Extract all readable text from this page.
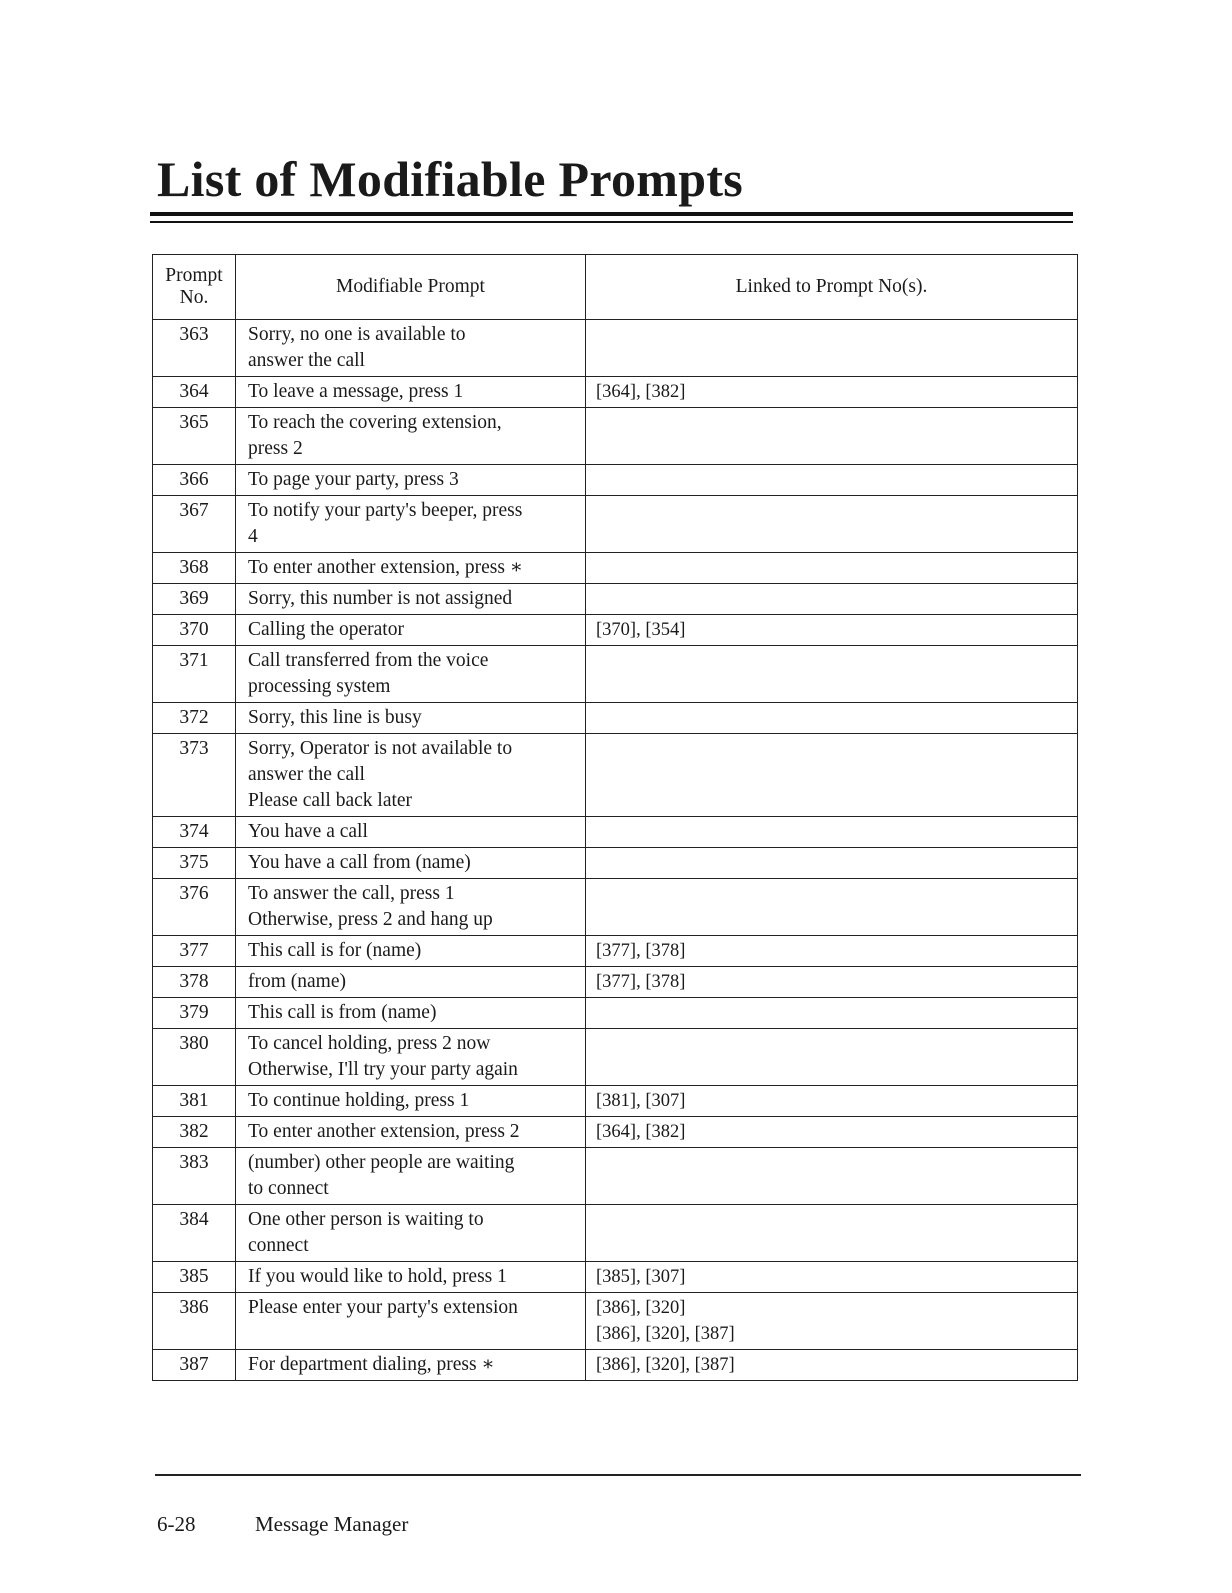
List of Modifiable Prompts
Prompt
No.	Modifiable Prompt	Linked to Prompt No(s).
363	Sorry, no one is available to
answer the call	
364	To leave a message, press 1	[364], [382]
365	To reach the covering extension,
press 2	
366	To page your party, press 3	
367	To notify your party's beeper, press
4	
368	To enter another extension, press ∗	
369	Sorry, this number is not assigned	
370	Calling the operator	[370], [354]
371	Call transferred from the voice
processing system	
372	Sorry, this line is busy	
373	Sorry, Operator is not available to
answer the call
Please call back later	
374	You have a call	
375	You have a call from (name)	
376	To answer the call, press 1
Otherwise, press 2 and hang up	
377	This call is for (name)	[377], [378]
378	from (name)	[377], [378]
379	This call is from (name)	
380	To cancel holding, press 2 now
Otherwise, I'll try your party again	
381	To continue holding, press 1	[381], [307]
382	To enter another extension, press 2	[364], [382]
383	(number) other people are waiting
to connect	
384	One other person is waiting to
connect	
385	If you would like to hold, press 1	[385], [307]
386	Please enter your party's extension	[386], [320]
[386], [320], [387]
387	For department dialing, press ∗	[386], [320], [387]
6-28	Message Manager
